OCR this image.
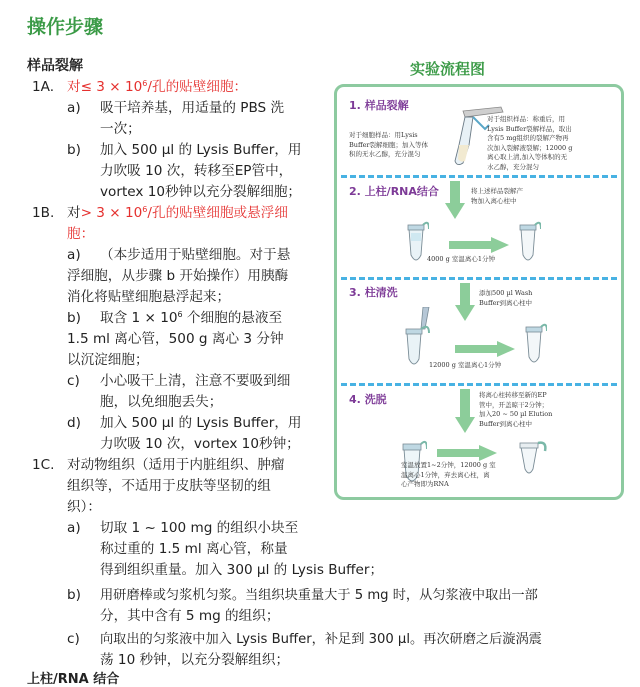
操作步骤
样品裂解
1A. 对≤ $3 \times 10^6/$孔的贴壁细胞：
a) 吸干培养基，用适量的 PBS 洗
一次；
b) 加入 500 µl 的 Lysis Buffer，用
力吹吸 10 次，转移至EP管中，
vortex 10秒钟以充分裂解细胞；
1B. 对> $3 \times 10^6/$孔的贴壁细胞或悬浮细
胞：
a) （本步适用于贴壁细胞。对于悬
浮细胞，从步骤 b 开始操作）用胰酶
消化将贴壁细胞悬浮起来；
b) 取含 $1 \times 10^6$ 个细胞的悬液至
1.5 ml 离心管，500 g 离心 3 分钟
以沉淀细胞；
c) 小心吸干上清，注意不要吸到细
胞，以免细胞丢失；
d) 加入 500 µl 的 Lysis Buffer，用
力吹吸 10 次，vortex 10秒钟；
1C. 对动物组织（适用于内脏组织、肿瘤
组织等，不适用于皮肤等坚韧的组
织）：
a) 切取 1 ~ 100 mg 的组织小块至
称过重的 1.5 ml 离心管，称量
得到组织重量。加入 300 µl 的 Lysis Buffer；
b) 用研磨棒或匀浆机匀浆。当组织块重量大于 5 mg 时，从匀浆液中取出一部
分，其中含有 5 mg 的组织；
c) 向取出的匀浆液中加入 Lysis Buffer，补足到 300 µl。再次研磨之后漩涡震
荡 10 秒钟，以充分裂解组织；
上柱/RNA 结合
实验流程图
1. 样品裂解
对于细胞样品：用Lysis
Buffer裂解细胞；加入等体
积的无水乙醇，充分混匀
对于组织样品：称重后，用
Lysis Buffer裂解样品，取出
含有5 mg组织的裂解产物再
次加入裂解液裂解；12000 g
离心取上清,加入等体积的无
水乙醇，充分混匀
2. 上柱/RNA结合	将上述样品裂解产
物加入离心柱中
4000 g 室温离心1分钟
3. 柱清洗	添加500 µl Wash
Buffer到离心柱中
12000 g 室温离心1分钟
4. 洗脱	将离心柱转移至新的EP
管中，开盖晾干2分钟；
加入20 ~ 50 µl Elution
Buffer到离心柱中
室温放置1~2分钟，12000 g 室
温离心1分钟，弃去离心柱，离
心产物即为RNA
